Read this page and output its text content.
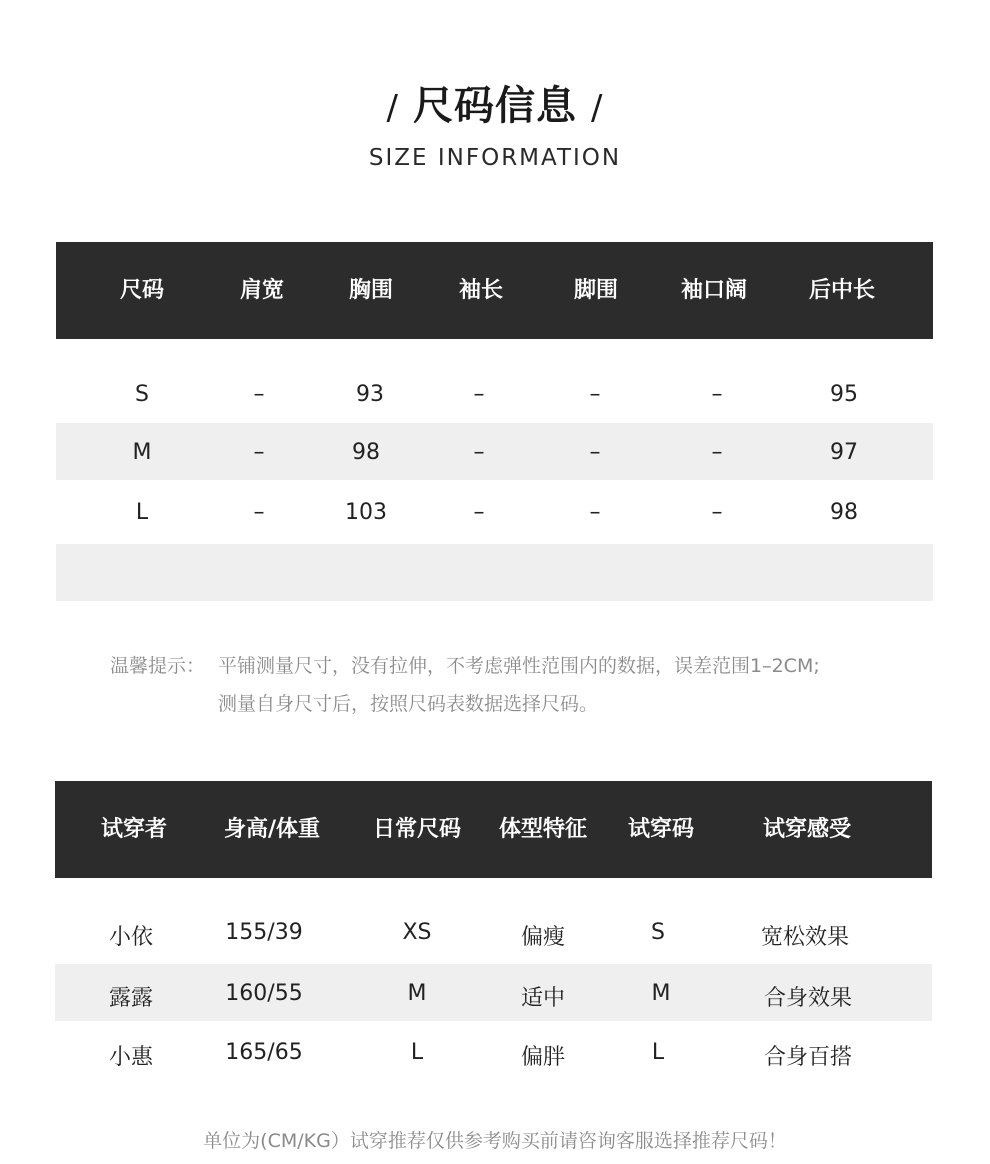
/ 尺码信息 /
SIZE INFORMATION
尺码	肩宽	胸围	袖长	脚围	袖口阔	后中长
S	–	93	–	–	–	95
M	–	98	–	–	–	97
L	–	103	–	–	–	98
温馨提示： 平铺测量尺寸，没有拉伸，不考虑弹性范围内的数据，误差范围1–2CM;
测量自身尺寸后，按照尺码表数据选择尺码。
试穿者	身高/体重 日常尺码 体型特征 试穿码	试穿感受
小依	155/39	XS	偏瘦	S	宽松效果
露露	160/55	M	适中	M	合身效果
小惠	165/65	L	偏胖	L	合身百搭
单位为(CM/KG）试穿推荐仅供参考购买前请咨询客服选择推荐尺码！
